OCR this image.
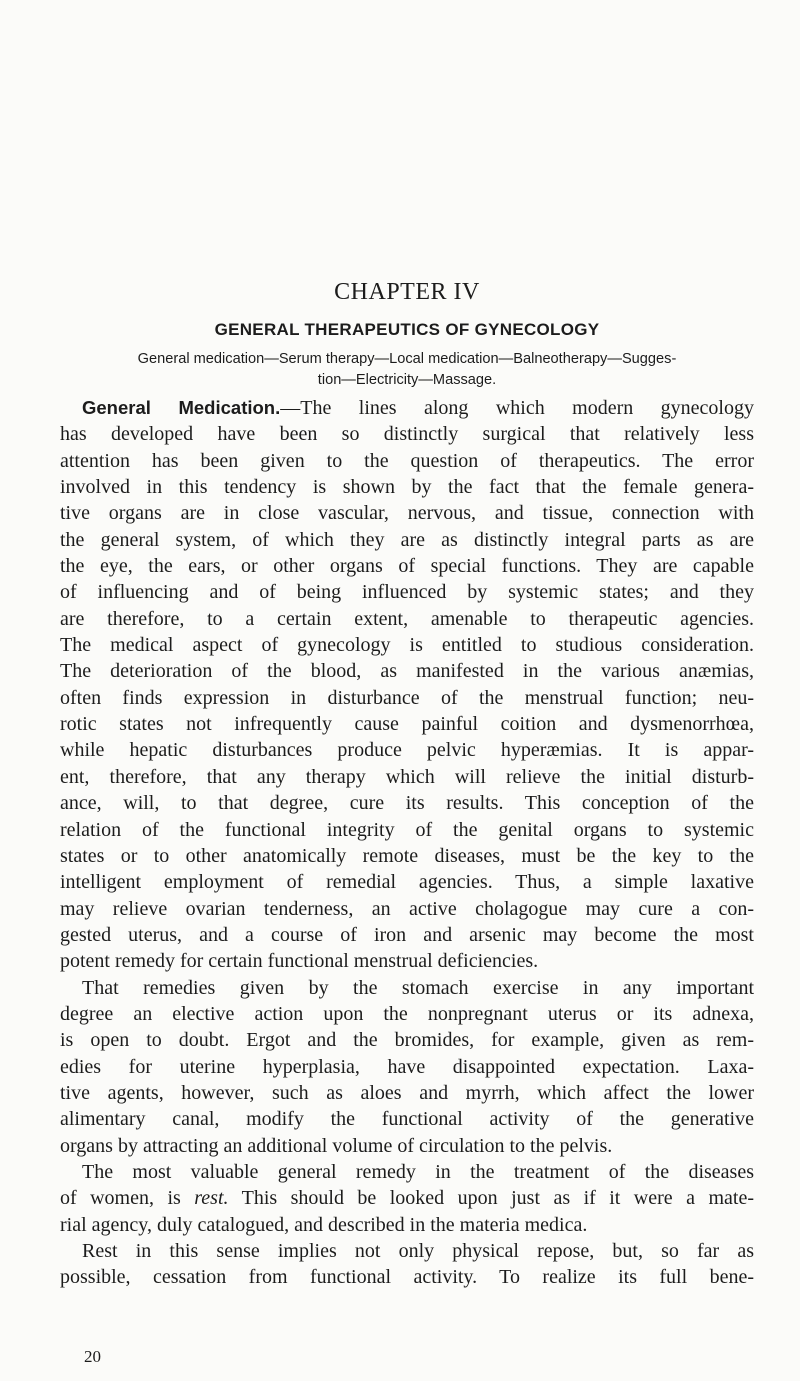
CHAPTER IV
GENERAL THERAPEUTICS OF GYNECOLOGY
General medication—Serum therapy—Local medication—Balneotherapy—Sugges-
tion—Electricity—Massage.
General Medication.—The lines along which modern gynecology
has developed have been so distinctly surgical that relatively less
attention has been given to the question of therapeutics. The error
involved in this tendency is shown by the fact that the female genera-
tive organs are in close vascular, nervous, and tissue, connection with
the general system, of which they are as distinctly integral parts as are
the eye, the ears, or other organs of special functions. They are capable
of influencing and of being influenced by systemic states; and they
are therefore, to a certain extent, amenable to therapeutic agencies.
The medical aspect of gynecology is entitled to studious consideration.
The deterioration of the blood, as manifested in the various anæmias,
often finds expression in disturbance of the menstrual function; neu-
rotic states not infrequently cause painful coition and dysmenorrhœa,
while hepatic disturbances produce pelvic hyperæmias. It is appar-
ent, therefore, that any therapy which will relieve the initial disturb-
ance, will, to that degree, cure its results. This conception of the
relation of the functional integrity of the genital organs to systemic
states or to other anatomically remote diseases, must be the key to the
intelligent employment of remedial agencies. Thus, a simple laxative
may relieve ovarian tenderness, an active cholagogue may cure a con-
gested uterus, and a course of iron and arsenic may become the most
potent remedy for certain functional menstrual deficiencies.
That remedies given by the stomach exercise in any important
degree an elective action upon the nonpregnant uterus or its adnexa,
is open to doubt. Ergot and the bromides, for example, given as rem-
edies for uterine hyperplasia, have disappointed expectation. Laxa-
tive agents, however, such as aloes and myrrh, which affect the lower
alimentary canal, modify the functional activity of the generative
organs by attracting an additional volume of circulation to the pelvis.
The most valuable general remedy in the treatment of the diseases
of women, is rest. This should be looked upon just as if it were a mate-
rial agency, duly catalogued, and described in the materia medica.
Rest in this sense implies not only physical repose, but, so far as
possible, cessation from functional activity. To realize its full bene-
20
